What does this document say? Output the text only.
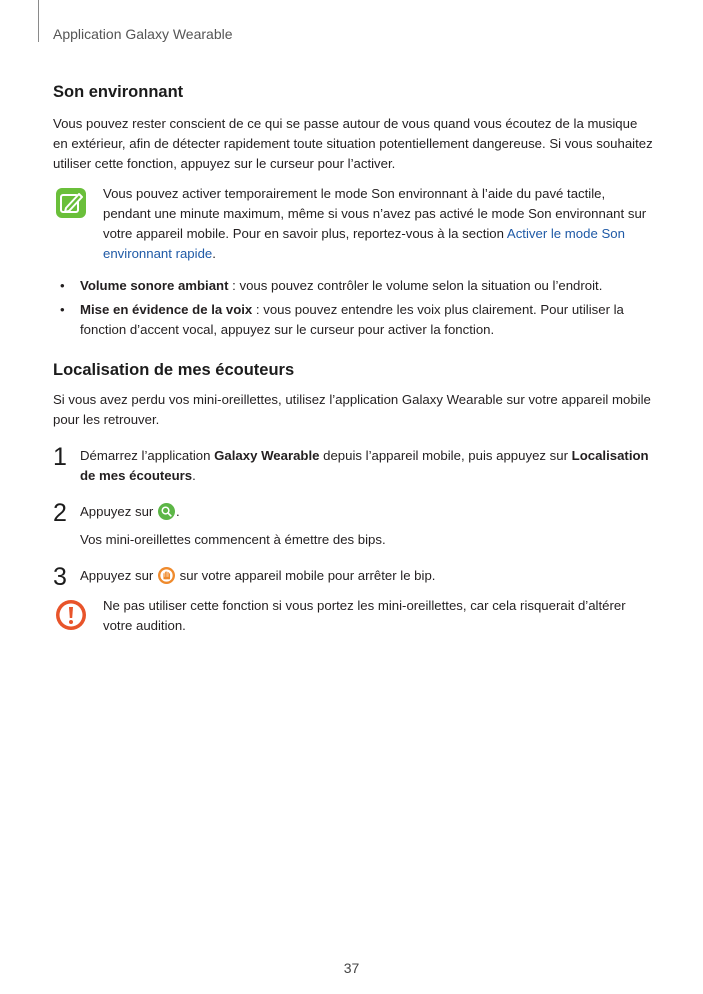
Application Galaxy Wearable
Son environnant

Vous pouvez rester conscient de ce qui se passe autour de vous quand vous écoutez de la musique en extérieur, afin de détecter rapidement toute situation potentiellement dangereuse. Si vous souhaitez utiliser cette fonction, appuyez sur le curseur pour l’activer.

Vous pouvez activer temporairement le mode Son environnant à l’aide du pavé tactile, pendant une minute maximum, même si vous n’avez pas activé le mode Son environnant sur votre appareil mobile. Pour en savoir plus, reportez-vous à la section Activer le mode Son environnant rapide.

• Volume sonore ambiant : vous pouvez contrôler le volume selon la situation ou l’endroit.
• Mise en évidence de la voix : vous pouvez entendre les voix plus clairement. Pour utiliser la fonction d’accent vocal, appuyez sur le curseur pour activer la fonction.
Localisation de mes écouteurs

Si vous avez perdu vos mini-oreillettes, utilisez l’application Galaxy Wearable sur votre appareil mobile pour les retrouver.

1 Démarrez l’application Galaxy Wearable depuis l’appareil mobile, puis appuyez sur Localisation de mes écouteurs.

2 Appuyez sur .

Vos mini-oreillettes commencent à émettre des bips.

3 Appuyez sur  sur votre appareil mobile pour arrêter le bip.

Ne pas utiliser cette fonction si vous portez les mini-oreillettes, car cela risquerait d’altérer votre audition.

37
